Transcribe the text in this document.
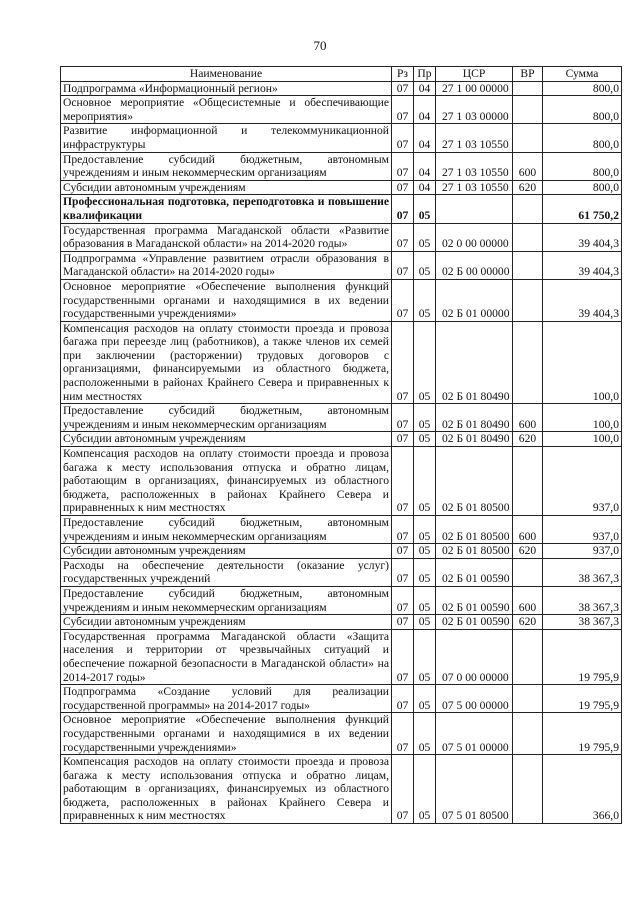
70
Наименование	Рз	Пр	ЦСР	ВР	Сумма
Подпрограмма «Информационный регион»	07	04	27 1 00 00000		800,0
Основное мероприятие «Общесистемные и обеспечивающие мероприятия»	07	04	27 1 03 00000		800,0
Развитие информационной и телекоммуникационной инфраструктуры	07	04	27 1 03 10550		800,0
Предоставление субсидий бюджетным, автономным учреждениям и иным некоммерческим организациям	07	04	27 1 03 10550	600	800,0
Субсидии автономным учреждениям	07	04	27 1 03 10550	620	800,0
Профессиональная подготовка, переподготовка и повышение квалификации	07	05			61 750,2
Государственная программа Магаданской области «Развитие образования в Магаданской области» на 2014-2020 годы»	07	05	02 0 00 00000		39 404,3
Подпрограмма «Управление развитием отрасли образования в Магаданской области» на 2014-2020 годы»	07	05	02 Б 00 00000		39 404,3
Основное мероприятие «Обеспечение выполнения функций государственными органами и находящимися в их ведении государственными учреждениями»	07	05	02 Б 01 00000		39 404,3
Компенсация расходов на оплату стоимости проезда и провоза багажа при переезде лиц (работников), а также членов их семей при заключении (расторжении) трудовых договоров с организациями, финансируемыми из областного бюджета, расположенными в районах Крайнего Севера и приравненных к ним местностях	07	05	02 Б 01 80490		100,0
Предоставление субсидий бюджетным, автономным учреждениям и иным некоммерческим организациям	07	05	02 Б 01 80490	600	100,0
Субсидии автономным учреждениям	07	05	02 Б 01 80490	620	100,0
Компенсация расходов на оплату стоимости проезда и провоза багажа к месту использования отпуска и обратно лицам, работающим в организациях, финансируемых из областного бюджета, расположенных в районах Крайнего Севера и приравненных к ним местностях	07	05	02 Б 01 80500		937,0
Предоставление субсидий бюджетным, автономным учреждениям и иным некоммерческим организациям	07	05	02 Б 01 80500	600	937,0
Субсидии автономным учреждениям	07	05	02 Б 01 80500	620	937,0
Расходы на обеспечение деятельности (оказание услуг) государственных учреждений	07	05	02 Б 01 00590		38 367,3
Предоставление субсидий бюджетным, автономным учреждениям и иным некоммерческим организациям	07	05	02 Б 01 00590	600	38 367,3
Субсидии автономным учреждениям	07	05	02 Б 01 00590	620	38 367,3
Государственная программа Магаданской области «Защита населения и территории от чрезвычайных ситуаций и обеспечение пожарной безопасности в Магаданской области» на 2014-2017 годы»	07	05	07 0 00 00000		19 795,9
Подпрограмма «Создание условий для реализации государственной программы» на 2014-2017 годы»	07	05	07 5 00 00000		19 795,9
Основное мероприятие «Обеспечение выполнения функций государственными органами и находящимися в их ведении государственными учреждениями»	07	05	07 5 01 00000		19 795,9
Компенсация расходов на оплату стоимости проезда и провоза багажа к месту использования отпуска и обратно лицам, работающим в организациях, финансируемых из областного бюджета, расположенных в районах Крайнего Севера и приравненных к ним местностях	07	05	07 5 01 80500		366,0
